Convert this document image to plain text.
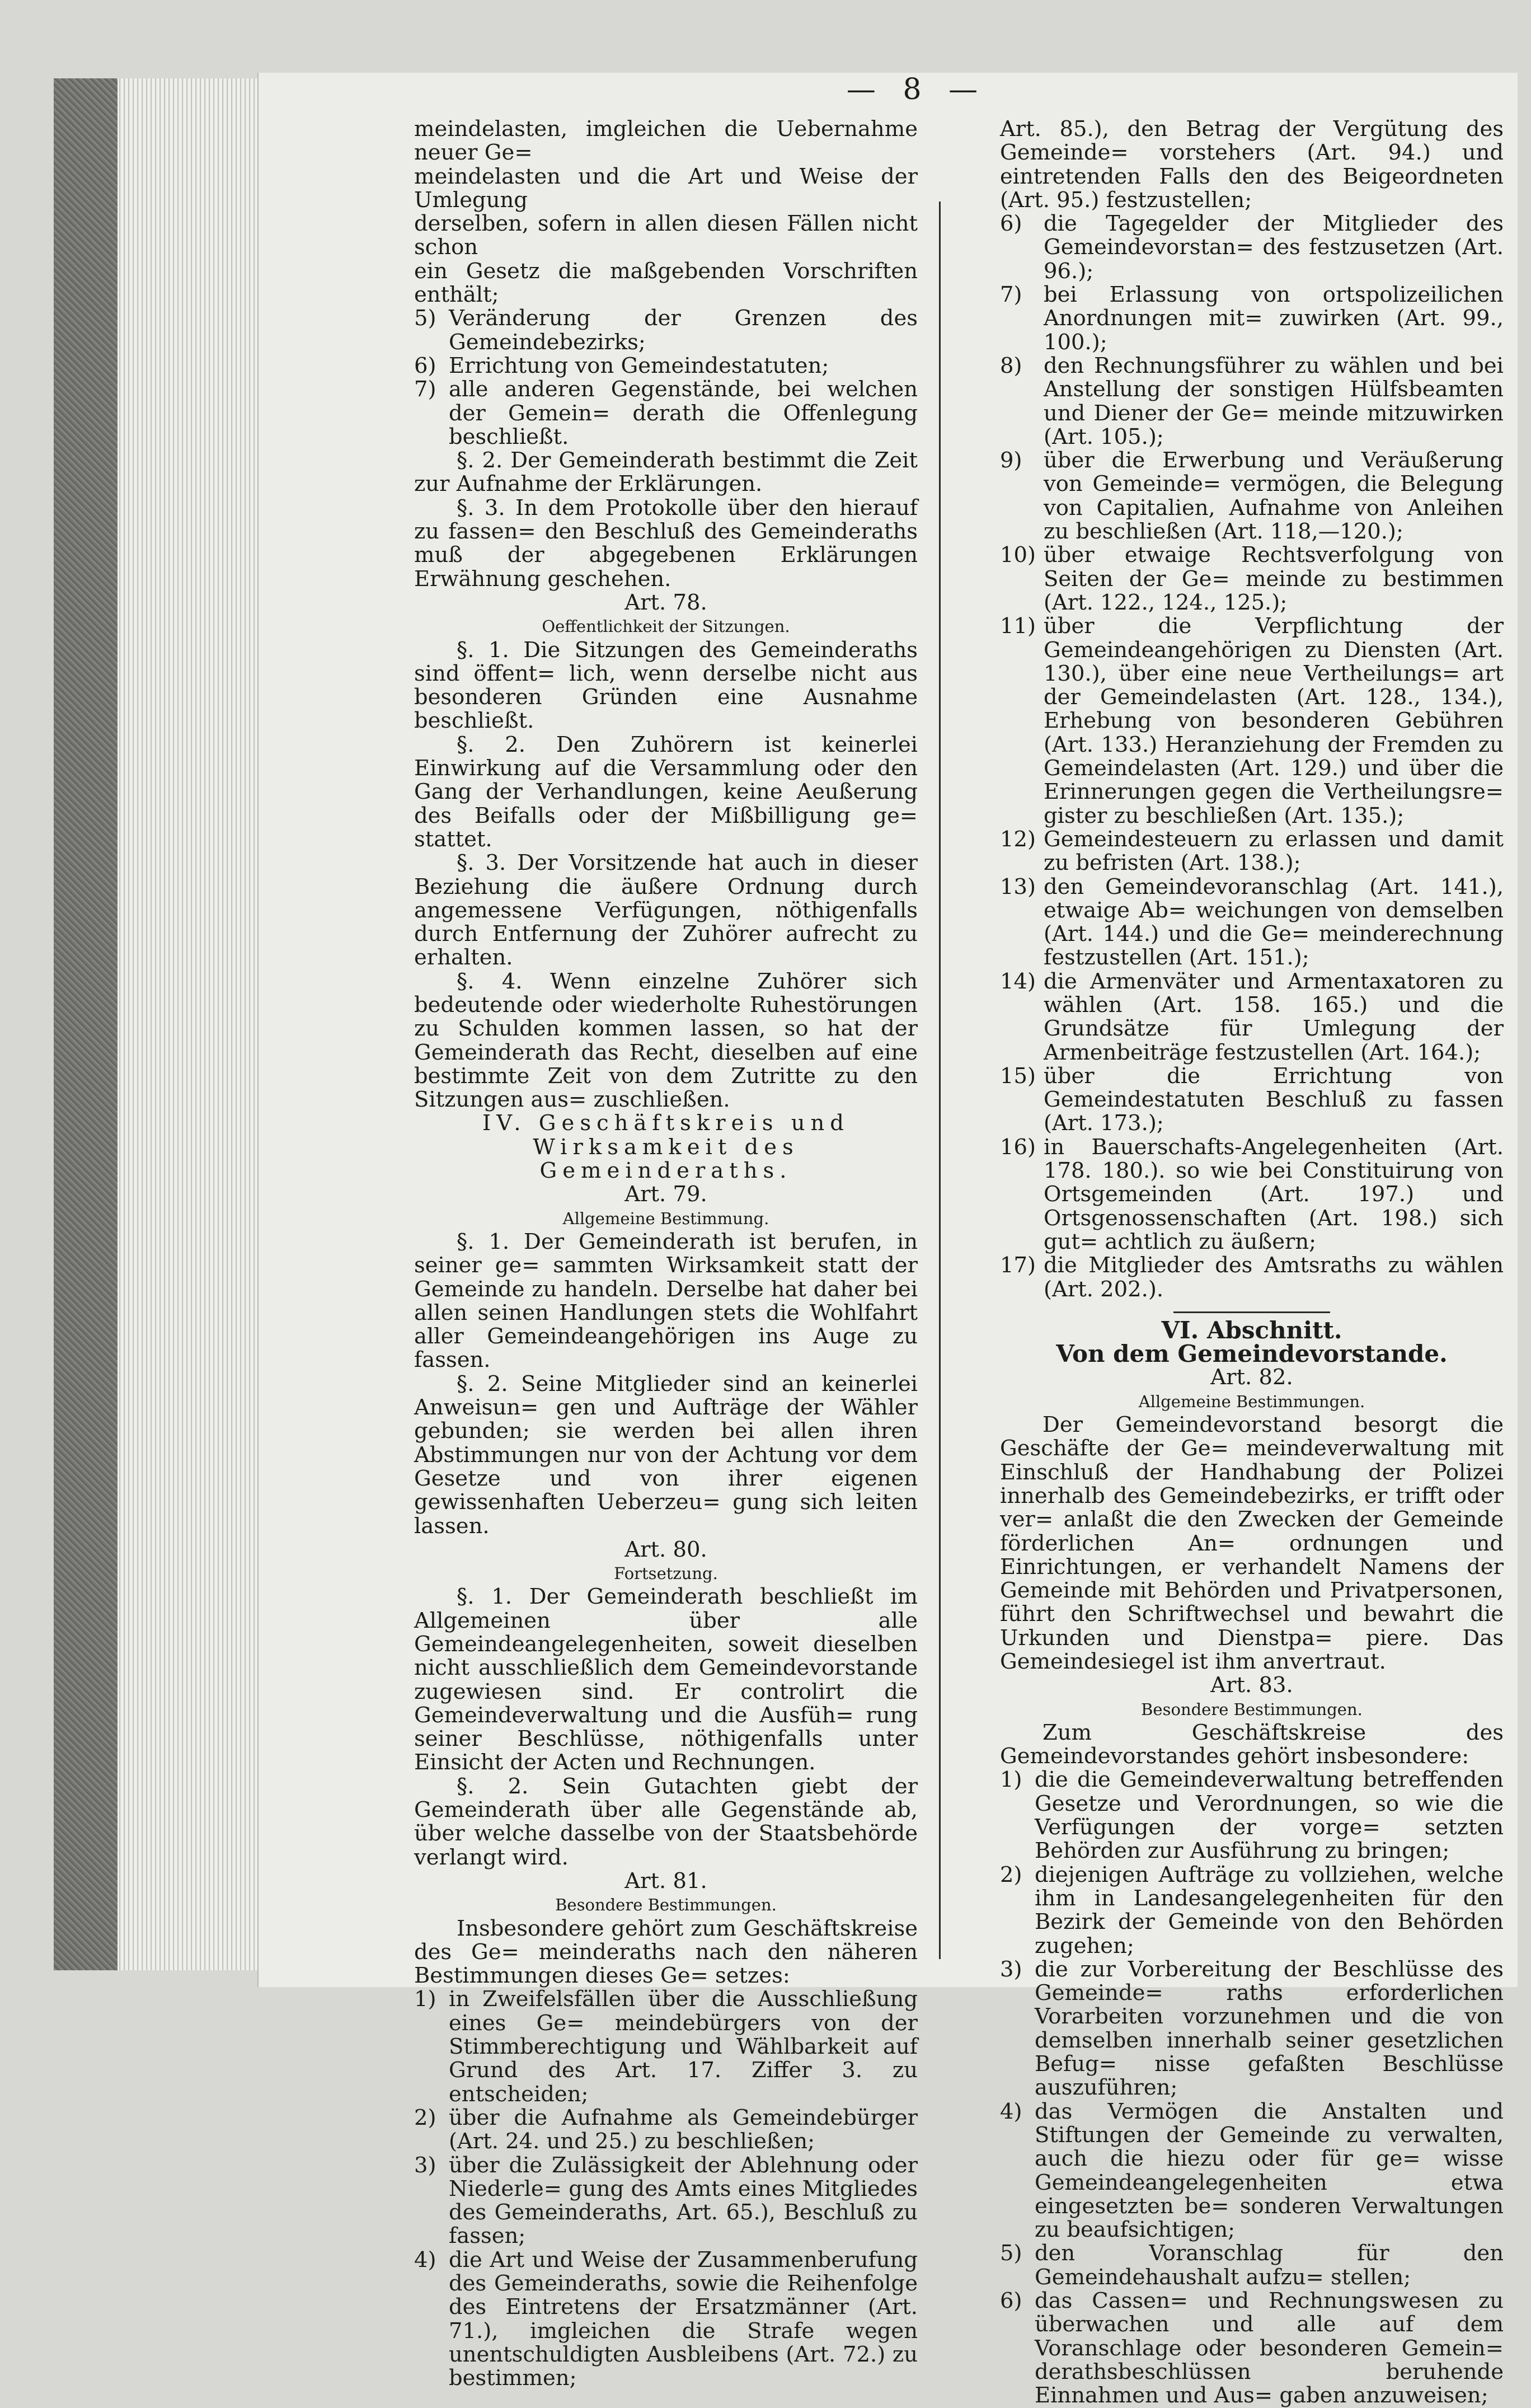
— 8 —

meindelasten, imgleichen die Uebernahme neuer Ge=

meindelasten und die Art und Weise der Umlegung

derselben, sofern in allen diesen Fällen nicht schon

ein Gesetz die maßgebenden Vorschriften enthält;

5) Veränderung der Grenzen des Gemeindebezirks;
6) Errichtung von Gemeindestatuten;
7) alle anderen Gegenstände, bei welchen der Gemein= derath die Offenlegung beschließt.

§. 2. Der Gemeinderath bestimmt die Zeit zur Aufnahme der Erklärungen.

§. 3. In dem Protokolle über den hierauf zu fassen= den Beschluß des Gemeinderaths muß der abgegebenen Erklärungen Erwähnung geschehen.

Art. 78.
Oeffentlichkeit der Sitzungen.

§. 1. Die Sitzungen des Gemeinderaths sind öffent= lich, wenn derselbe nicht aus besonderen Gründen eine Ausnahme beschließt.

§. 2. Den Zuhörern ist keinerlei Einwirkung auf die Versammlung oder den Gang der Verhandlungen, keine Aeußerung des Beifalls oder der Mißbilligung ge= stattet.

§. 3. Der Vorsitzende hat auch in dieser Beziehung die äußere Ordnung durch angemessene Verfügungen, nöthigenfalls durch Entfernung der Zuhörer aufrecht zu erhalten.

§. 4. Wenn einzelne Zuhörer sich bedeutende oder wiederholte Ruhestörungen zu Schulden kommen lassen, so hat der Gemeinderath das Recht, dieselben auf eine bestimmte Zeit von dem Zutritte zu den Sitzungen aus= zuschließen.

IV. Geschäftskreis und Wirksamkeit des
Gemeinderaths.
Art. 79.
Allgemeine Bestimmung.

§. 1. Der Gemeinderath ist berufen, in seiner ge= sammten Wirksamkeit statt der Gemeinde zu handeln. Derselbe hat daher bei allen seinen Handlungen stets die Wohlfahrt aller Gemeindeangehörigen ins Auge zu fassen.

§. 2. Seine Mitglieder sind an keinerlei Anweisun= gen und Aufträge der Wähler gebunden; sie werden bei allen ihren Abstimmungen nur von der Achtung vor dem Gesetze und von ihrer eigenen gewissenhaften Ueberzeu= gung sich leiten lassen.

Art. 80.
Fortsetzung.

§. 1. Der Gemeinderath beschließt im Allgemeinen über alle Gemeindeangelegenheiten, soweit dieselben nicht ausschließlich dem Gemeindevorstande zugewiesen sind. Er controlirt die Gemeindeverwaltung und die Ausfüh= rung seiner Beschlüsse, nöthigenfalls unter Einsicht der Acten und Rechnungen.

§. 2. Sein Gutachten giebt der Gemeinderath über alle Gegenstände ab, über welche dasselbe von der Staatsbehörde verlangt wird.

Art. 81.
Besondere Bestimmungen.

Insbesondere gehört zum Geschäftskreise des Ge= meinderaths nach den näheren Bestimmungen dieses Ge= setzes:

1) in Zweifelsfällen über die Ausschließung eines Ge= meindebürgers von der Stimmberechtigung und Wählbarkeit auf Grund des Art. 17. Ziffer 3. zu entscheiden;
2) über die Aufnahme als Gemeindebürger (Art. 24. und 25.) zu beschließen;
3) über die Zulässigkeit der Ablehnung oder Niederle= gung des Amts eines Mitgliedes des Gemeinderaths, Art. 65.), Beschluß zu fassen;
4) die Art und Weise der Zusammenberufung des Gemeinderaths, sowie die Reihenfolge des Eintretens der Ersatzmänner (Art. 71.), imgleichen die Strafe wegen unentschuldigten Ausbleibens (Art. 72.) zu bestimmen;

Art. 85.), den Betrag der Vergütung des Gemeinde= vorstehers (Art. 94.) und eintretenden Falls den des Beigeordneten (Art. 95.) festzustellen;

6) die Tagegelder der Mitglieder des Gemeindevorstan= des festzusetzen (Art. 96.);
7) bei Erlassung von ortspolizeilichen Anordnungen mit= zuwirken (Art. 99., 100.);
8) den Rechnungsführer zu wählen und bei Anstellung der sonstigen Hülfsbeamten und Diener der Ge= meinde mitzuwirken (Art. 105.);
9) über die Erwerbung und Veräußerung von Gemeinde= vermögen, die Belegung von Capitalien, Aufnahme von Anleihen zu beschließen (Art. 118,—120.);
10) über etwaige Rechtsverfolgung von Seiten der Ge= meinde zu bestimmen (Art. 122., 124., 125.);
11) über die Verpflichtung der Gemeindeangehörigen zu Diensten (Art. 130.), über eine neue Vertheilungs= art der Gemeindelasten (Art. 128., 134.), Erhebung von besonderen Gebühren (Art. 133.) Heranziehung der Fremden zu Gemeindelasten (Art. 129.) und über die Erinnerungen gegen die Vertheilungsre= gister zu beschließen (Art. 135.);
12) Gemeindesteuern zu erlassen und damit zu befristen (Art. 138.);
13) den Gemeindevoranschlag (Art. 141.), etwaige Ab= weichungen von demselben (Art. 144.) und die Ge= meinderechnung festzustellen (Art. 151.);
14) die Armenväter und Armentaxatoren zu wählen (Art. 158. 165.) und die Grundsätze für Umlegung der Armenbeiträge festzustellen (Art. 164.);
15) über die Errichtung von Gemeindestatuten Beschluß zu fassen (Art. 173.);
16) in Bauerschafts-Angelegenheiten (Art. 178. 180.). so wie bei Constituirung von Ortsgemeinden (Art. 197.) und Ortsgenossenschaften (Art. 198.) sich gut= achtlich zu äußern;
17) die Mitglieder des Amtsraths zu wählen (Art. 202.).
VI. Abschnitt.
Von dem Gemeindevorstande.
Art. 82.
Allgemeine Bestimmungen.

Der Gemeindevorstand besorgt die Geschäfte der Ge= meindeverwaltung mit Einschluß der Handhabung der Polizei innerhalb des Gemeindebezirks, er trifft oder ver= anlaßt die den Zwecken der Gemeinde förderlichen An= ordnungen und Einrichtungen, er verhandelt Namens der Gemeinde mit Behörden und Privatpersonen, führt den Schriftwechsel und bewahrt die Urkunden und Dienstpa= piere. Das Gemeindesiegel ist ihm anvertraut.

Art. 83.
Besondere Bestimmungen.

Zum Geschäftskreise des Gemeindevorstandes gehört insbesondere:

1) die die Gemeindeverwaltung betreffenden Gesetze und Verordnungen, so wie die Verfügungen der vorge= setzten Behörden zur Ausführung zu bringen;
2) diejenigen Aufträge zu vollziehen, welche ihm in Landesangelegenheiten für den Bezirk der Gemeinde von den Behörden zugehen;
3) die zur Vorbereitung der Beschlüsse des Gemeinde= raths erforderlichen Vorarbeiten vorzunehmen und die von demselben innerhalb seiner gesetzlichen Befug= nisse gefaßten Beschlüsse auszuführen;
4) das Vermögen die Anstalten und Stiftungen der Gemeinde zu verwalten, auch die hiezu oder für ge= wisse Gemeindeangelegenheiten etwa eingesetzten be= sonderen Verwaltungen zu beaufsichtigen;
5) den Voranschlag für den Gemeindehaushalt aufzu= stellen;
6) das Cassen= und Rechnungswesen zu überwachen und alle auf dem Voranschlage oder besonderen Gemein= derathsbeschlüssen beruhende Einnahmen und Aus= gaben anzuweisen;
